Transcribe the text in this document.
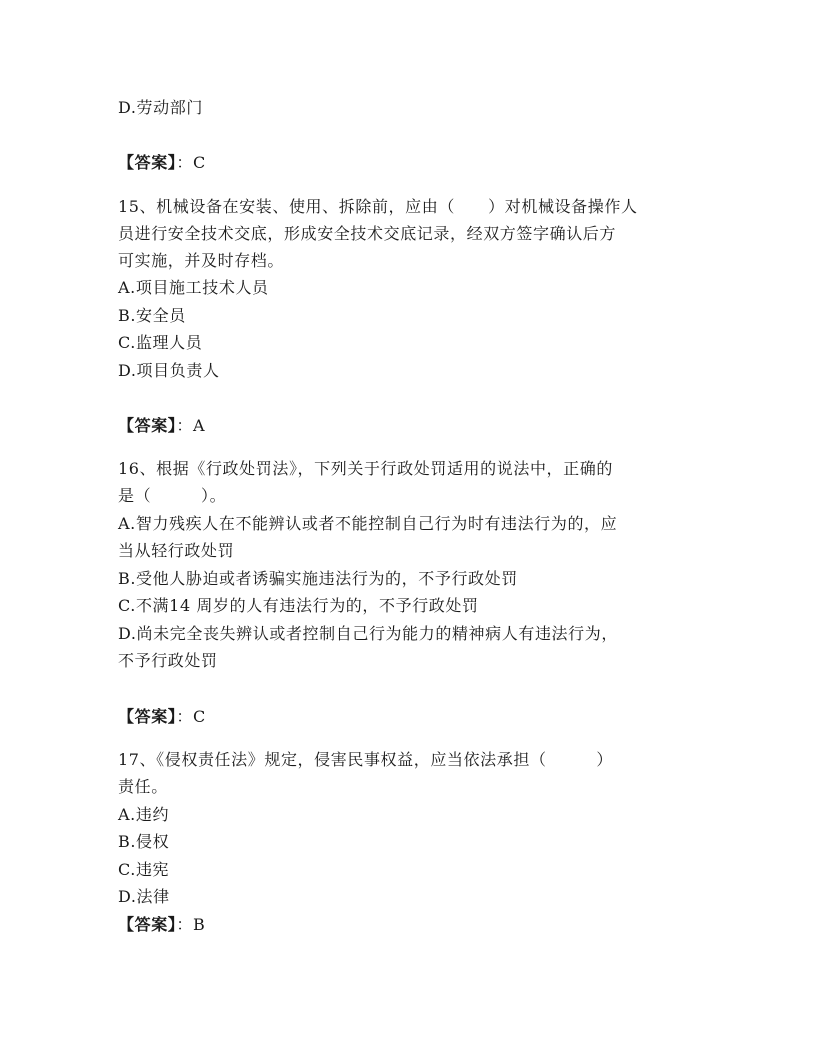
D.劳动部门
【答案】：C
15、机械设备在安装、使用、拆除前，应由（　　）对机械设备操作人
员进行安全技术交底，形成安全技术交底记录，经双方签字确认后方
可实施，并及时存档。
A.项目施工技术人员
B.安全员
C.监理人员
D.项目负责人
【答案】：A
16、根据《行政处罚法》，下列关于行政处罚适用的说法中，正确的
是（　　　）。
A.智力残疾人在不能辨认或者不能控制自己行为时有违法行为的，应
当从轻行政处罚
B.受他人胁迫或者诱骗实施违法行为的，不予行政处罚
C.不满14 周岁的人有违法行为的，不予行政处罚
D.尚未完全丧失辨认或者控制自己行为能力的精神病人有违法行为，
不予行政处罚
【答案】：C
17、《侵权责任法》规定，侵害民事权益，应当依法承担（　　　）
责任。
A.违约
B.侵权
C.违宪
D.法律
【答案】：B
